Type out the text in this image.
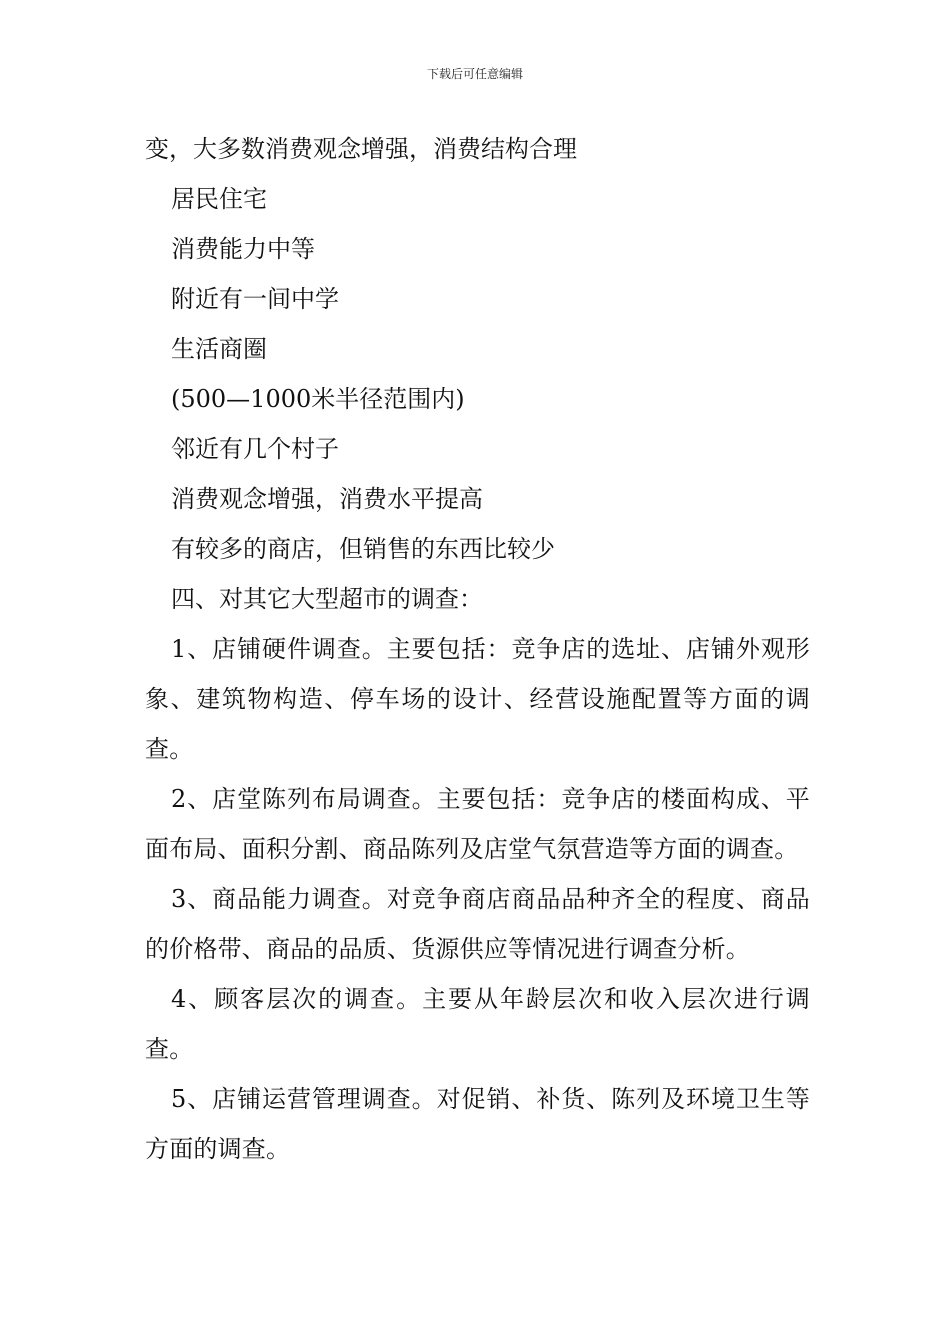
下载后可任意编辑
变，大多数消费观念增强，消费结构合理
居民住宅
消费能力中等
附近有一间中学
生活商圈
(500—1000米半径范围内)
邻近有几个村子
消费观念增强，消费水平提高
有较多的商店，但销售的东西比较少
四、对其它大型超市的调查：
1、店铺硬件调查。主要包括：竞争店的选址、店铺外观形象、建筑物构造、停车场的设计、经营设施配置等方面的调查。
2、店堂陈列布局调查。主要包括：竞争店的楼面构成、平面布局、面积分割、商品陈列及店堂气氛营造等方面的调查。
3、商品能力调查。对竞争商店商品品种齐全的程度、商品的价格带、商品的品质、货源供应等情况进行调查分析。
4、顾客层次的调查。主要从年龄层次和收入层次进行调查。
5、店铺运营管理调查。对促销、补货、陈列及环境卫生等方面的调查。
